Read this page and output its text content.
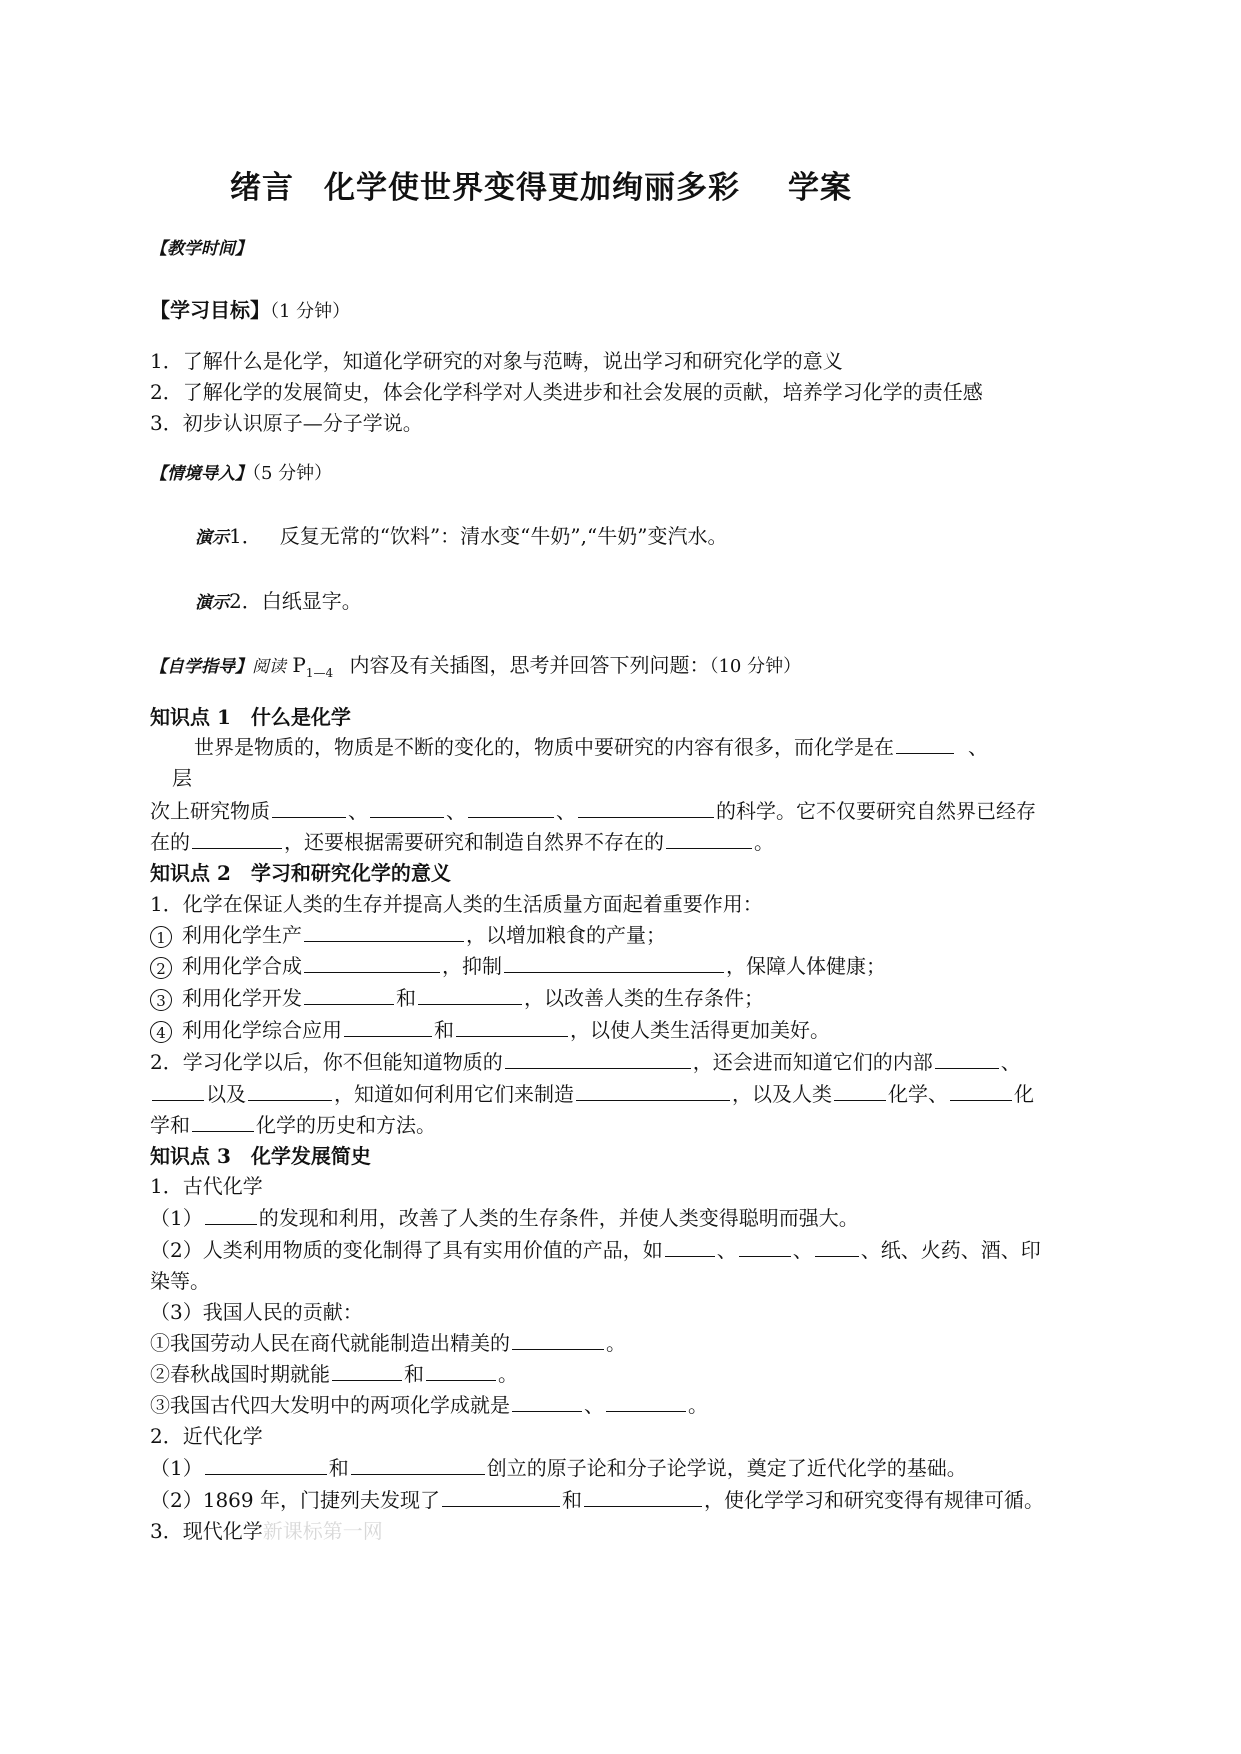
绪言 化学使世界变得更加绚丽多彩 学案
【教学时间】
【学习目标】（1 分钟）
1．了解什么是化学，知道化学研究的对象与范畴，说出学习和研究化学的意义
2．了解化学的发展简史，体会化学科学对人类进步和社会发展的贡献，培养学习化学的责任感
3．初步认识原子—分子学说。
【情境导入】（5 分钟）
演示1． 反复无常的“饮料”：清水变“牛奶”,“牛奶”变汽水。
演示2．白纸显字。
【自学指导】阅读 $P_{1—4}$ 内容及有关插图，思考并回答下列问题：（10 分钟）
知识点 1　什么是化学
世界是物质的，物质是不断的变化的，物质中要研究的内容有很多，而化学是在	、
层
次上研究物质	、	、	、	的科学。它不仅要研究自然界已经存
在的	，还要根据需要研究和制造自然界不存在的	。
知识点 2　学习和研究化学的意义
1．化学在保证人类的生存并提高人类的生活质量方面起着重要作用：
1 利用化学生产	，以增加粮食的产量；
2 利用化学合成	，抑制	，保障人体健康；
3 利用化学开发	和	，以改善人类的生存条件；
4 利用化学综合应用	和	，以使人类生活得更加美好。
2．学习化学以后，你不但能知道物质的	，还会进而知道它们的内部	、
以及	，知道如何利用它们来制造	，以及人类	化学、	化
学和	化学的历史和方法。
知识点 3　化学发展简史
1．古代化学
（1）	的发现和利用，改善了人类的生存条件，并使人类变得聪明而强大。
（2）人类利用物质的变化制得了具有实用价值的产品，如	、	、 、纸、火药、酒、印
染等。
（3）我国人民的贡献：
①我国劳动人民在商代就能制造出精美的	。
②春秋战国时期就能	和	。
③我国古代四大发明中的两项化学成就是	、	。
2．近代化学
（1）	和	创立的原子论和分子论学说，奠定了近代化学的基础。
（2）1869 年，门捷列夫发现了	和	，使化学学习和研究变得有规律可循。
3．现代化学新课标第一网
